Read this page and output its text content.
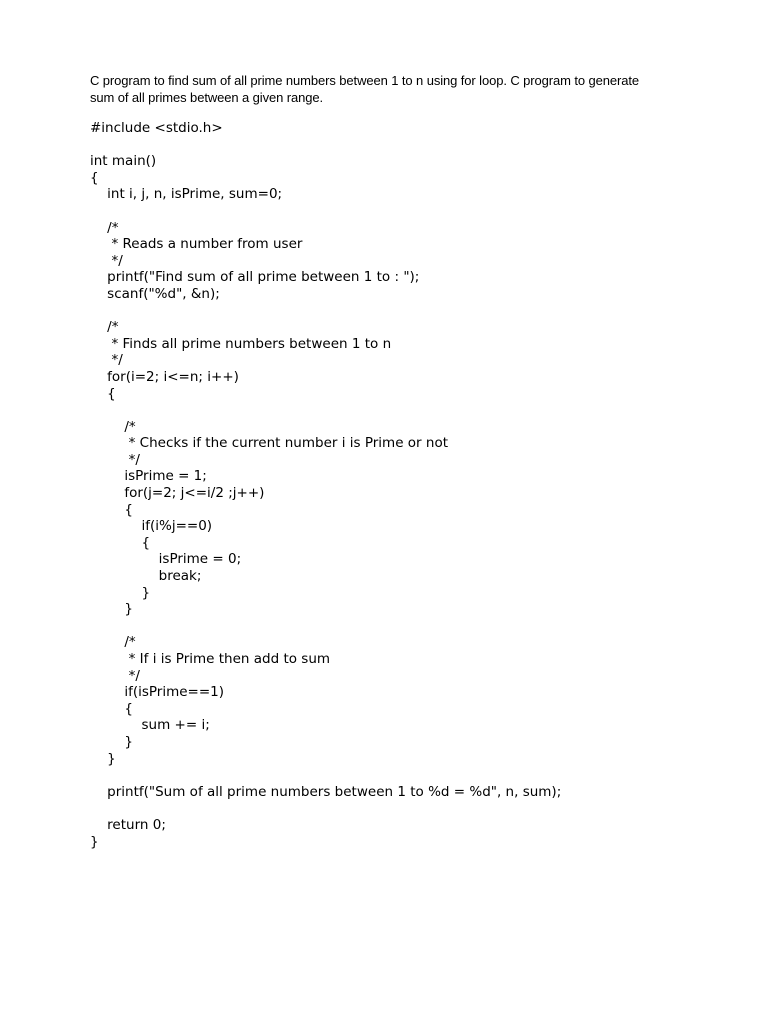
C program to find sum of all prime numbers between 1 to n using for loop. C program to generate
sum of all primes between a given range.
#include <stdio.h>
int main()
{
int i, j, n, isPrime, sum=0;
/*
* Reads a number from user
*/
printf("Find sum of all prime between 1 to : ");
scanf("%d", &n);
/*
* Finds all prime numbers between 1 to n
*/
for(i=2; i<=n; i++)
{
/*
* Checks if the current number i is Prime or not
*/
isPrime = 1;
for(j=2; j<=i/2 ;j++)
{
if(i%j==0)
{
isPrime = 0;
break;
}
}
/*
* If i is Prime then add to sum
*/
if(isPrime==1)
{
sum += i;
}
}
printf("Sum of all prime numbers between 1 to %d = %d", n, sum);
return 0;
}
